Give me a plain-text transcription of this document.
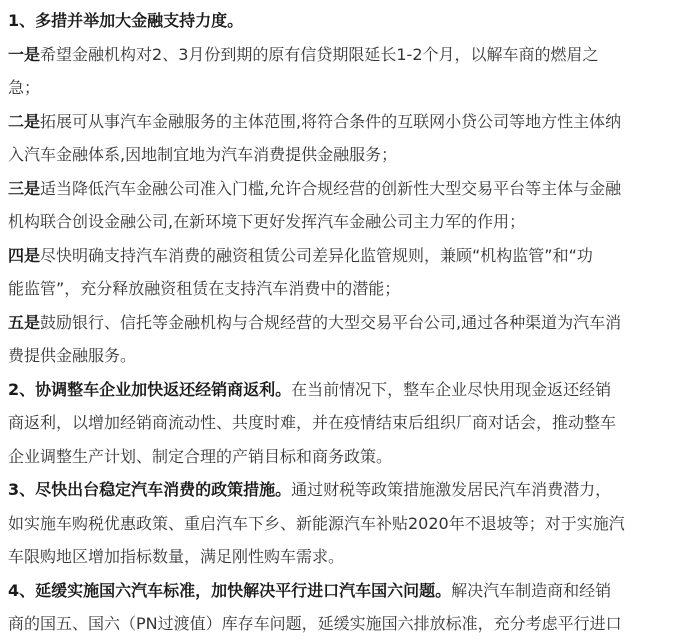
1、多措并举加大金融支持力度。
一是希望金融机构对2、3月份到期的原有信贷期限延长1-2个月，以解车商的燃眉之
急；
二是拓展可从事汽车金融服务的主体范围,将符合条件的互联网小贷公司等地方性主体纳
入汽车金融体系,因地制宜地为汽车消费提供金融服务；
三是适当降低汽车金融公司准入门槛,允许合规经营的创新性大型交易平台等主体与金融
机构联合创设金融公司,在新环境下更好发挥汽车金融公司主力军的作用；
四是尽快明确支持汽车消费的融资租赁公司差异化监管规则，兼顾“机构监管”和“功
能监管”，充分释放融资租赁在支持汽车消费中的潜能；
五是鼓励银行、信托等金融机构与合规经营的大型交易平台公司,通过各种渠道为汽车消
费提供金融服务。
2、协调整车企业加快返还经销商返利。在当前情况下，整车企业尽快用现金返还经销
商返利，以增加经销商流动性、共度时难，并在疫情结束后组织厂商对话会，推动整车
企业调整生产计划、制定合理的产销目标和商务政策。
3、尽快出台稳定汽车消费的政策措施。通过财税等政策措施激发居民汽车消费潜力，
如实施车购税优惠政策、重启汽车下乡、新能源汽车补贴2020年不退坡等；对于实施汽
车限购地区增加指标数量，满足刚性购车需求。
4、延缓实施国六汽车标准，加快解决平行进口汽车国六问题。解决汽车制造商和经销
商的国五、国六（PN过渡值）库存车问题，延缓实施国六排放标准，充分考虑平行进口
